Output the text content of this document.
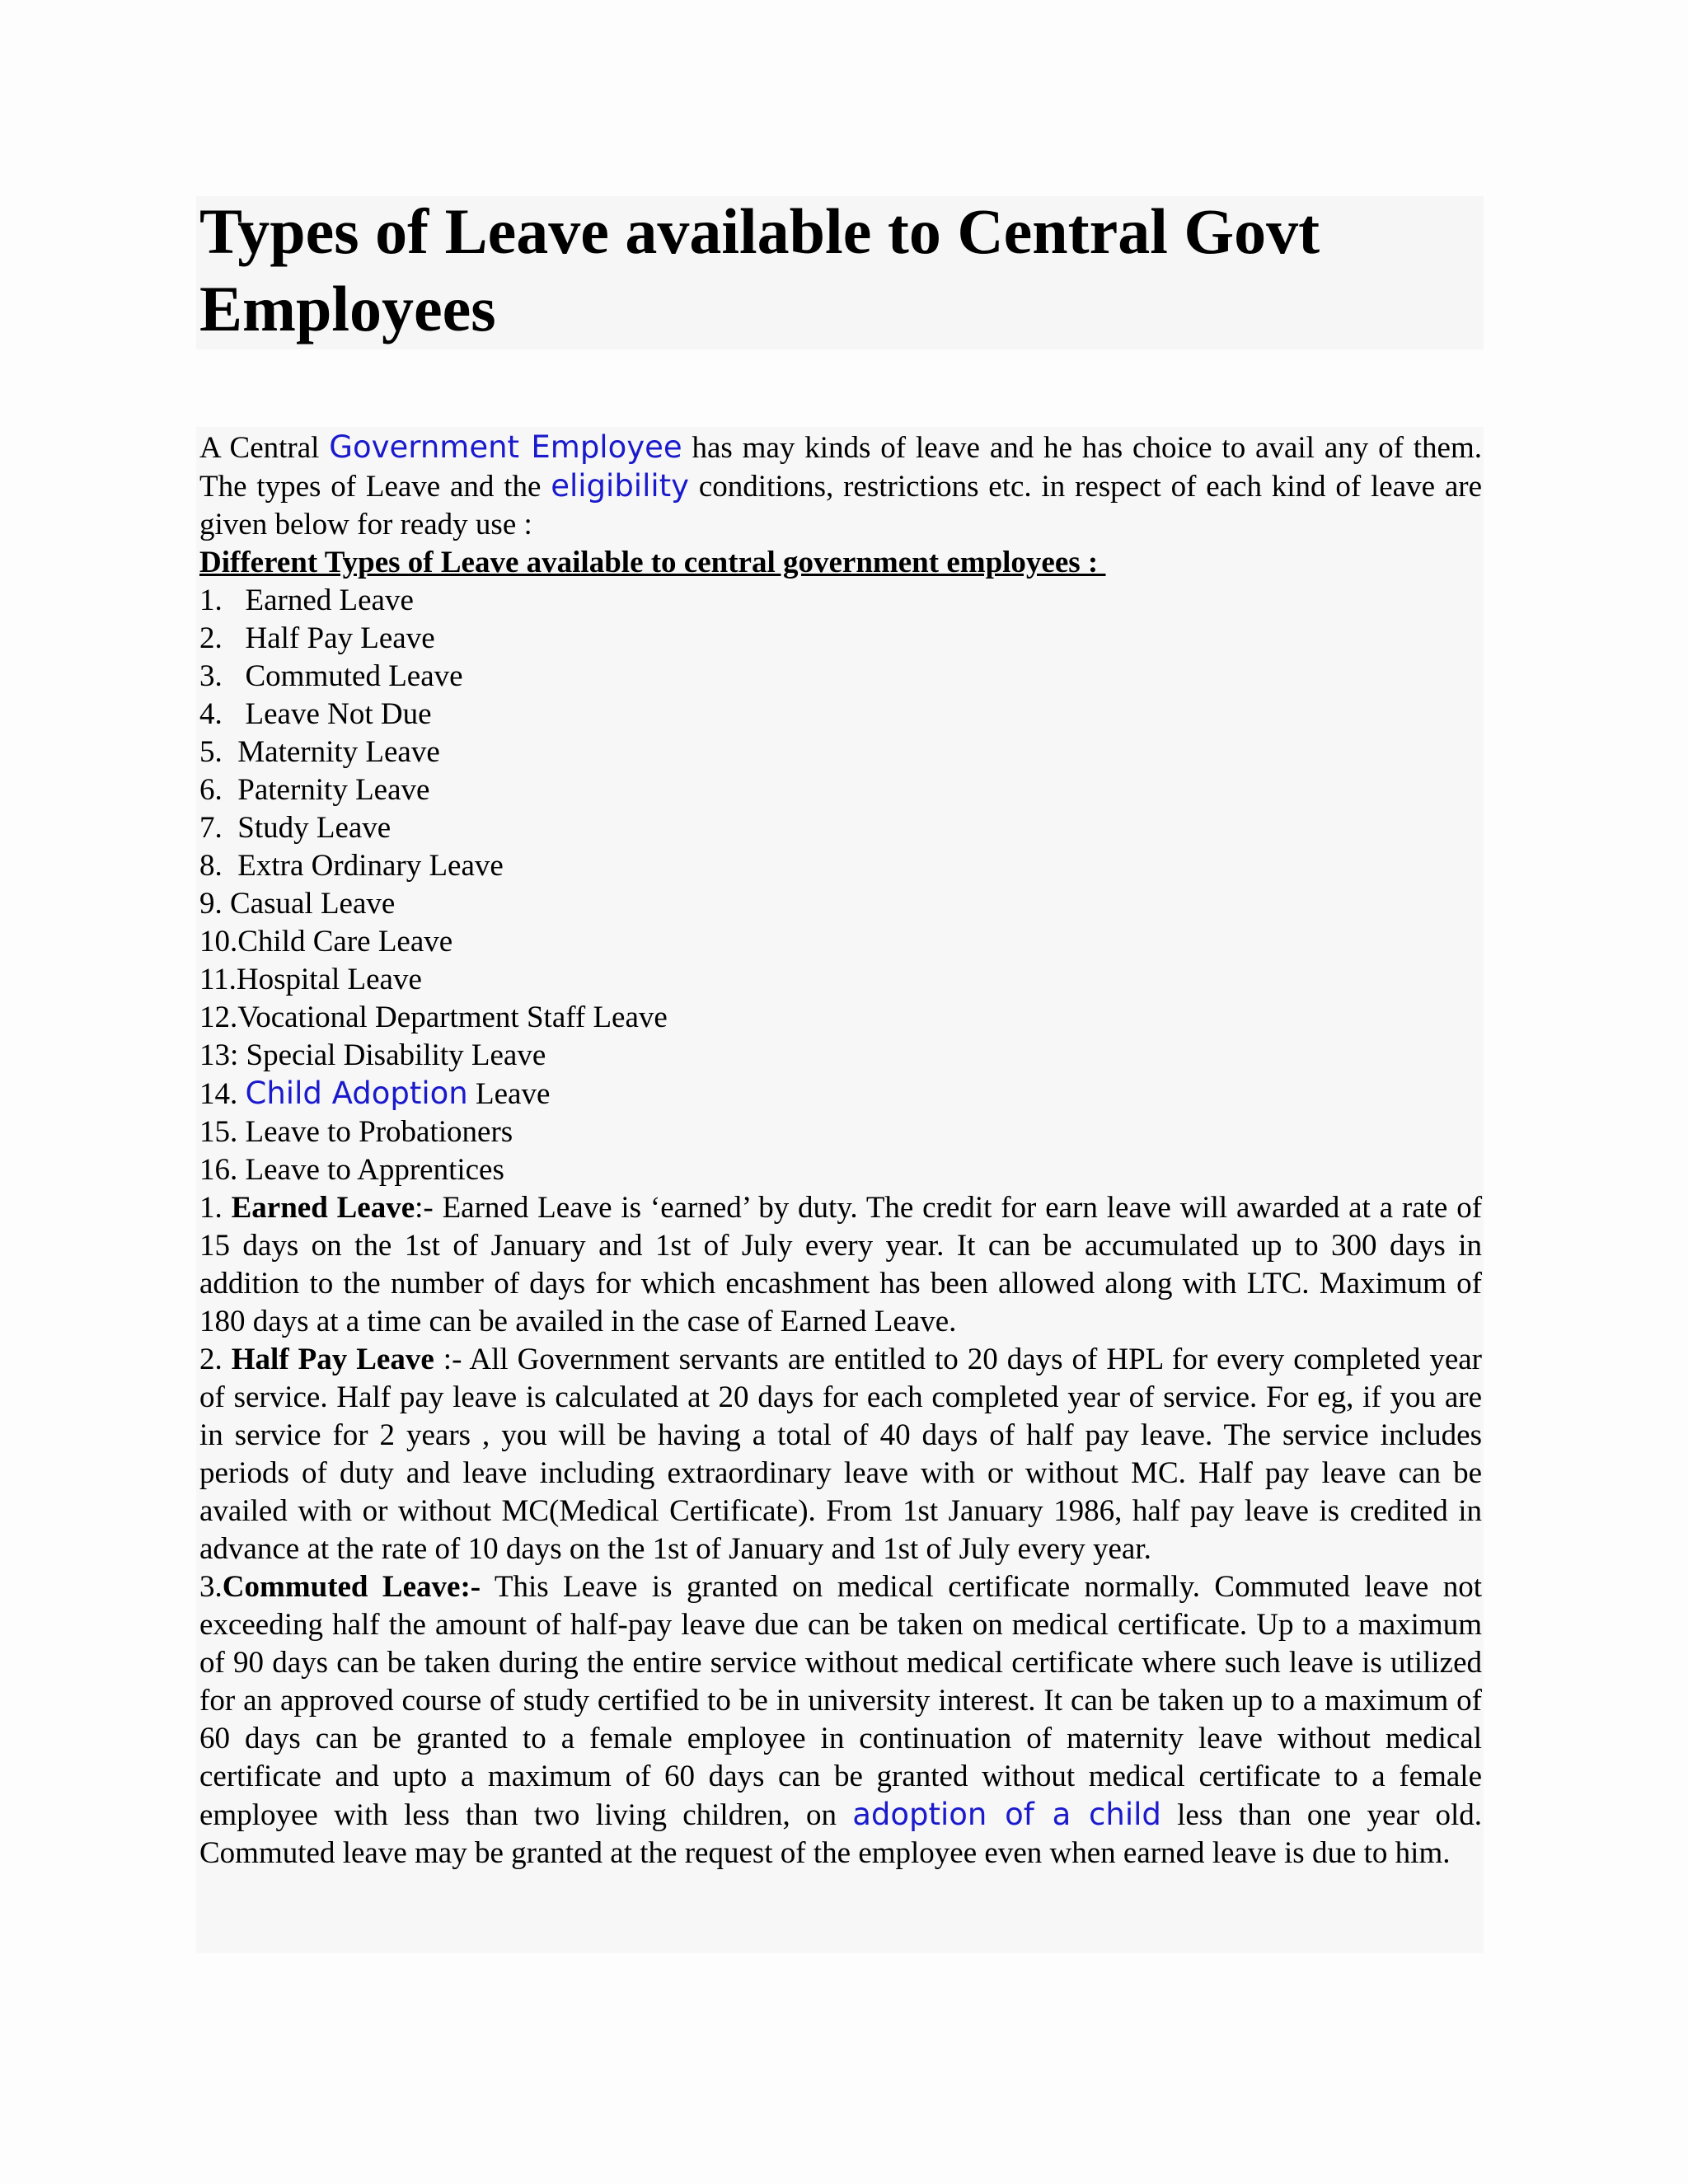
Types of Leave available to Central Govt Employees

A Central Government Employee has may kinds of leave and he has choice to avail any of them. The types of Leave and the eligibility conditions, restrictions etc. in respect of each kind of leave are given below for ready use :

Different Types of Leave available to central government employees :

1.   Earned Leave
2.   Half Pay Leave
3.   Commuted Leave
4.   Leave Not Due
5.  Maternity Leave
6.  Paternity Leave
7.  Study Leave
8.  Extra Ordinary Leave
9. Casual Leave
10.Child Care Leave
11.Hospital Leave
12.Vocational Department Staff Leave
13: Special Disability Leave
14. Child Adoption Leave
15. Leave to Probationers
16. Leave to Apprentices

1. Earned Leave:- Earned Leave is ‘earned’ by duty. The credit for earn leave will awarded at a rate of 15 days on the 1st of January and 1st of July every year. It can be accumulated up to 300 days in addition to the number of days for which encashment has been allowed along with LTC. Maximum of 180 days at a time can be availed in the case of Earned Leave.

2. Half Pay Leave :- All Government servants are entitled to 20 days of HPL for every completed year of service. Half pay leave is calculated at 20 days for each completed year of service. For eg, if you are in service for 2 years , you will be having a total of 40 days of half pay leave. The service includes periods of duty and leave including extraordinary leave with or without MC. Half pay leave can be availed with or without MC(Medical Certificate). From 1st January 1986, half pay leave is credited in advance at the rate of 10 days on the 1st of January and 1st of July every year.

3.Commuted Leave:- This Leave is granted on medical certificate normally. Commuted leave not exceeding half the amount of half-pay leave due can be taken on medical certificate. Up to a maximum of 90 days can be taken during the entire service without medical certificate where such leave is utilized for an approved course of study certified to be in university interest. It can be taken up to a maximum of 60 days can be granted to a female employee in continuation of maternity leave without medical certificate and upto a maximum of 60 days can be granted without medical certificate to a female employee with less than two living children, on adoption of a child less than one year old. Commuted leave may be granted at the request of the employee even when earned leave is due to him.
